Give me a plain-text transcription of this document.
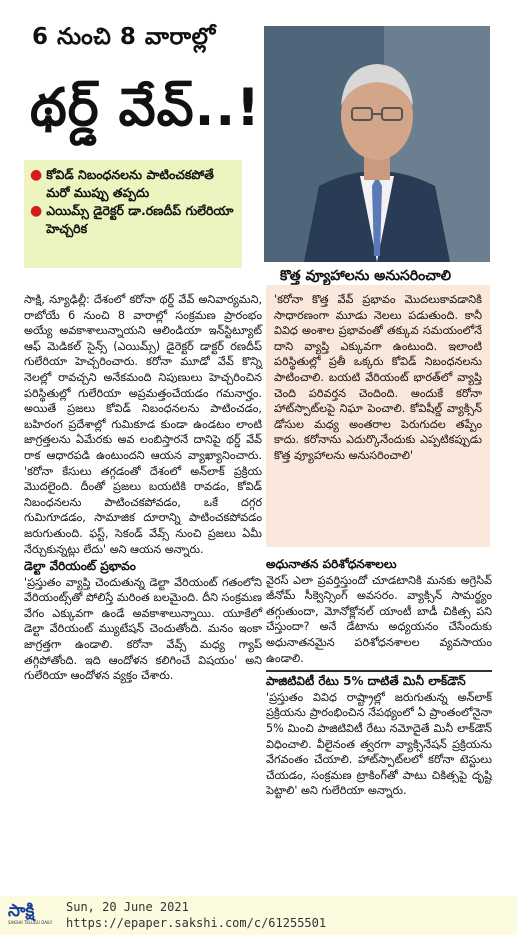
6 నుంచి 8 వారాల్లో
థర్డ్ వేవ్..!
● కోవిడ్ నిబంధనలను పాటించకపోతే మరో ముప్పు తప్పదు
● ఎయిమ్స్ డైరెక్టర్ డా.రణదీప్ గులేరియా హెచ్చరిక
కొత్త వ్యూహాలను అనుసరించాలి

సాక్షి, న్యూఢిల్లీ: దేశంలో కరోనా థర్డ్ వేవ్ అనివార్యమని, రాబోయే 6 నుంచి 8 వారాల్లో సంక్రమణ ప్రారంభం అయ్యే అవకాశాలున్నాయని ఆలిండియా ఇన్‌స్టిట్యూట్ ఆఫ్ మెడికల్ సైన్స్ (ఎయిమ్స్) డైరెక్టర్ డాక్టర్ రణదీప్ గులేరియా హెచ్చరించారు. కరోనా మూడో వేవ్ కొన్ని నెలల్లో రావచ్చని అనేకమంది నిపుణులు హెచ్చరించిన పరిస్థితుల్లో గులేరియా అప్రమత్తంచేయడం గమనార్హం. అయితే ప్రజలు కోవిడ్ నిబంధనలను పాటించడం, బహిరంగ ప్రదేశాల్లో గుమికూడ కుండా ఉండటం లాంటి జాగ్రత్తలను ఏమేరకు అవ లంబిస్తారనే దానిపై థర్డ్ వేవ్ రాక ఆధారపడి ఉంటుందని ఆయన వ్యాఖ్యానించారు. 'కరోనా కేసులు తగ్గడంతో దేశంలో అన్‌లాక్ ప్రక్రియ మొదలైంది. దీంతో ప్రజలు బయటికి రావడం, కోవిడ్ నిబంధనలను పాటించకపోవడం, ఒకే దగ్గర గుమిగూడడం, సామాజిక దూరాన్ని పాటించకపోవడం జరుగుతుంది. ఫస్ట్, సెకండ్ వేవ్స్ నుంచి ప్రజలు ఏమీ నేర్చుకున్నట్లు లేదు' అని ఆయన అన్నారు.

డెల్టా వేరియంట్ ప్రభావం

'ప్రస్తుతం వ్యాప్తి చెందుతున్న డెల్టా వేరియంట్ గతంలోని వేరియంట్స్‌తో పోలిస్తే మరింత బలమైంది. దీని సంక్రమణ వేగం ఎక్కువగా ఉండే అవకాశాలున్నాయి. యూకేలో డెల్టా వేరియంట్ మ్యుటేషన్ చెందుతోంది. మనం ఇంకా జాగ్రత్తగా ఉండాలి. కరోనా వేవ్స్ మధ్య గ్యాప్ తగ్గిపోతోంది. ఇది ఆందోళన కలిగించే విషయం' అని గులేరియా ఆందోళన వ్యక్తం చేశారు.

'కరోనా కొత్త వేవ్ ప్రభావం మొదలుకావడానికి సాధారణంగా మూడు నెలలు పడుతుంది. కానీ వివిధ అంశాల ప్రభావంతో తక్కువ సమయంలోనే దాని వ్యాప్తి ఎక్కువగా ఉంటుంది. ఇలాంటి పరిస్థితుల్లో ప్రతీ ఒక్కరు కోవిడ్ నిబంధనలను పాటించాలి. బయటి వేరియంట్ భారత్‌లో వ్యాప్తి చెంది పరివర్తన చెందింది. అందుకే కరోనా హాట్‌స్పాట్‌లపై నిఘా పెంచాలి. కోవిషీల్డ్ వ్యాక్సిన్ డోసుల మధ్య అంతరాల పెరుగుదల తప్పేం కాదు. కరోనాను ఎదుర్కొనేందుకు ఎప్పటికప్పుడు కొత్త వ్యూహాలను అనుసరించాలి'

అధునాతన పరిశోధనశాలలు

వైరస్ ఎలా ప్రవర్తిస్తుందో చూడటానికి మనకు అగ్రెసివ్ జీనోమ్ సీక్వెన్సింగ్ అవసరం. వ్యాక్సిన్ సామర్థ్యం తగ్గుతుందా, మోనోక్లోనల్ యాంటీ బాడీ చికిత్స పని చేస్తుందా? అనే డేటాను అధ్యయనం చేసేందుకు అధునాతనమైన పరిశోధనశాలల వ్యవసాయం ఉండాలి.

పాజిటివిటీ రేటు 5% దాటితే మినీ లాక్‌డౌన్

'ప్రస్తుతం వివిధ రాష్ట్రాల్లో జరుగుతున్న అన్‌లాక్ ప్రక్రియను ప్రారంభించిన నేపథ్యంలో ఏ ప్రాంతంలోనైనా 5% మించి పాజిటివిటీ రేటు నమోదైతే మినీ లాక్‌డౌన్ విధించాలి. వీలైనంత త్వరగా వ్యాక్సినేషన్ ప్రక్రియను వేగవంతం చేయాలి. హాట్‌స్పాట్‌లలో కరోనా టెస్టులు చేయడం, సంక్రమణ ట్రాకింగ్‌తో పాటు చికిత్సపై దృష్టి పెట్టాలి' అని గులేరియా అన్నారు.

సాక్షి
SAKSHI TELUGU DAILY
Sun, 20 June 2021
https://epaper.sakshi.com/c/61255501
